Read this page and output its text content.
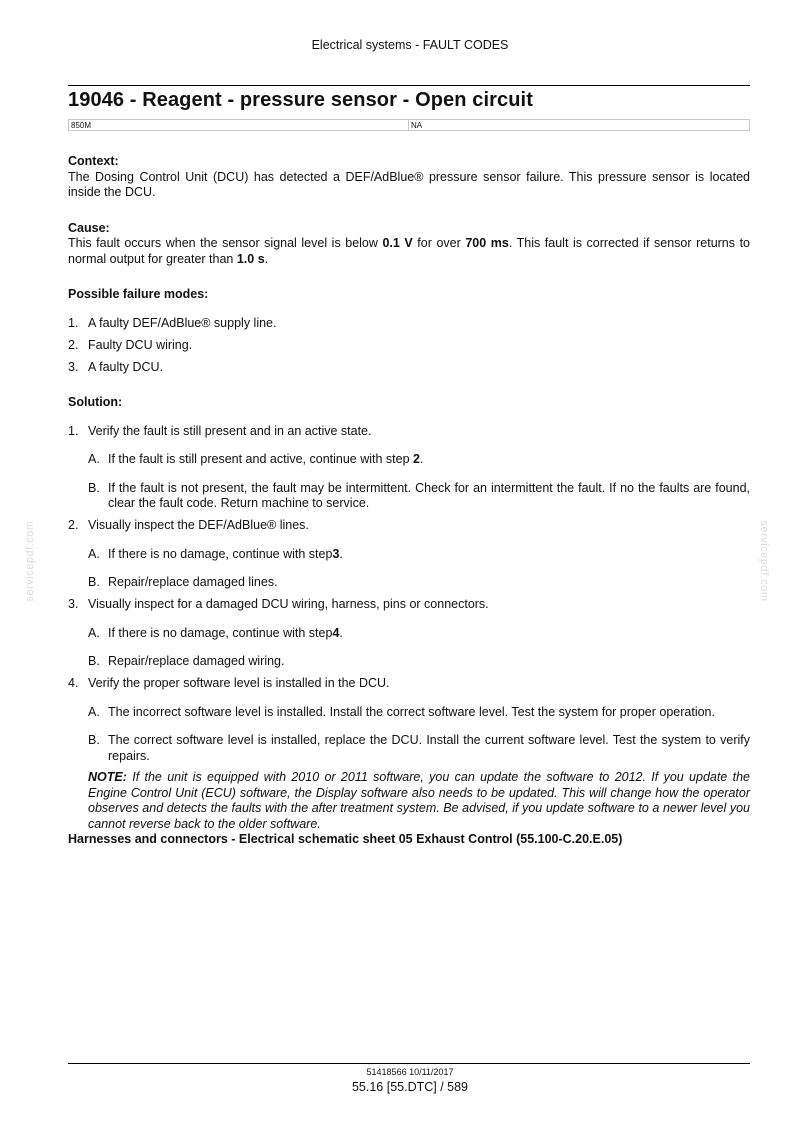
Electrical systems - FAULT CODES
19046 - Reagent - pressure sensor - Open circuit
850M	NA
Context:
The Dosing Control Unit (DCU) has detected a DEF/AdBlue® pressure sensor failure. This pressure sensor is located inside the DCU.
Cause:
This fault occurs when the sensor signal level is below 0.1 V for over 700 ms. This fault is corrected if sensor returns to normal output for greater than 1.0 s.
Possible failure modes:
1. A faulty DEF/AdBlue® supply line.
2. Faulty DCU wiring.
3. A faulty DCU.
Solution:
1. Verify the fault is still present and in an active state.
A. If the fault is still present and active, continue with step 2.
B. If the fault is not present, the fault may be intermittent. Check for an intermittent the fault. If no the faults are found, clear the fault code. Return machine to service.
2. Visually inspect the DEF/AdBlue® lines.
A. If there is no damage, continue with step3.
B. Repair/replace damaged lines.
3. Visually inspect for a damaged DCU wiring, harness, pins or connectors.
A. If there is no damage, continue with step4.
B. Repair/replace damaged wiring.
4. Verify the proper software level is installed in the DCU.
A. The incorrect software level is installed. Install the correct software level. Test the system for proper operation.
B. The correct software level is installed, replace the DCU. Install the current software level. Test the system to verify repairs.
NOTE: If the unit is equipped with 2010 or 2011 software, you can update the software to 2012. If you update the Engine Control Unit (ECU) software, the Display software also needs to be updated. This will change how the operator observes and detects the faults with the after treatment system. Be advised, if you update software to a newer level you cannot reverse back to the older software.
Harnesses and connectors - Electrical schematic sheet 05 Exhaust Control (55.100-C.20.E.05)
servicepdf.com	servicepdf.com
51418566 10/11/2017
55.16 [55.DTC] / 589
